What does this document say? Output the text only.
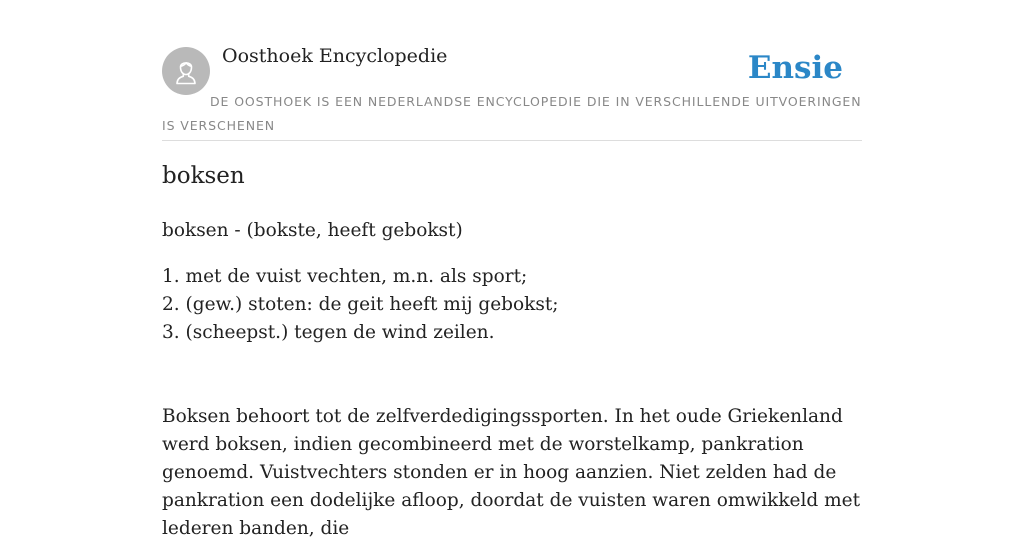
Oosthoek Encyclopedie	Ensie

DE OOSTHOEK IS EEN NEDERLANDSE ENCYCLOPEDIE DIE IN VERSCHILLENDE UITVOERINGEN IS VERSCHENEN

boksen

boksen - (bokste, heeft gebokst)

1. met de vuist vechten, m.n. als sport;
2. (gew.) stoten: de geit heeft mij gebokst;
3. (scheepst.) tegen de wind zeilen.

Boksen behoort tot de zelfverdedigingssporten. In het oude Griekenland werd boksen, indien gecombineerd met de worstelkamp, pankration genoemd. Vuistvechters stonden er in hoog aanzien. Niet zelden had de pankration een dodelijke afloop, doordat de vuisten waren omwikkeld met lederen banden, die
